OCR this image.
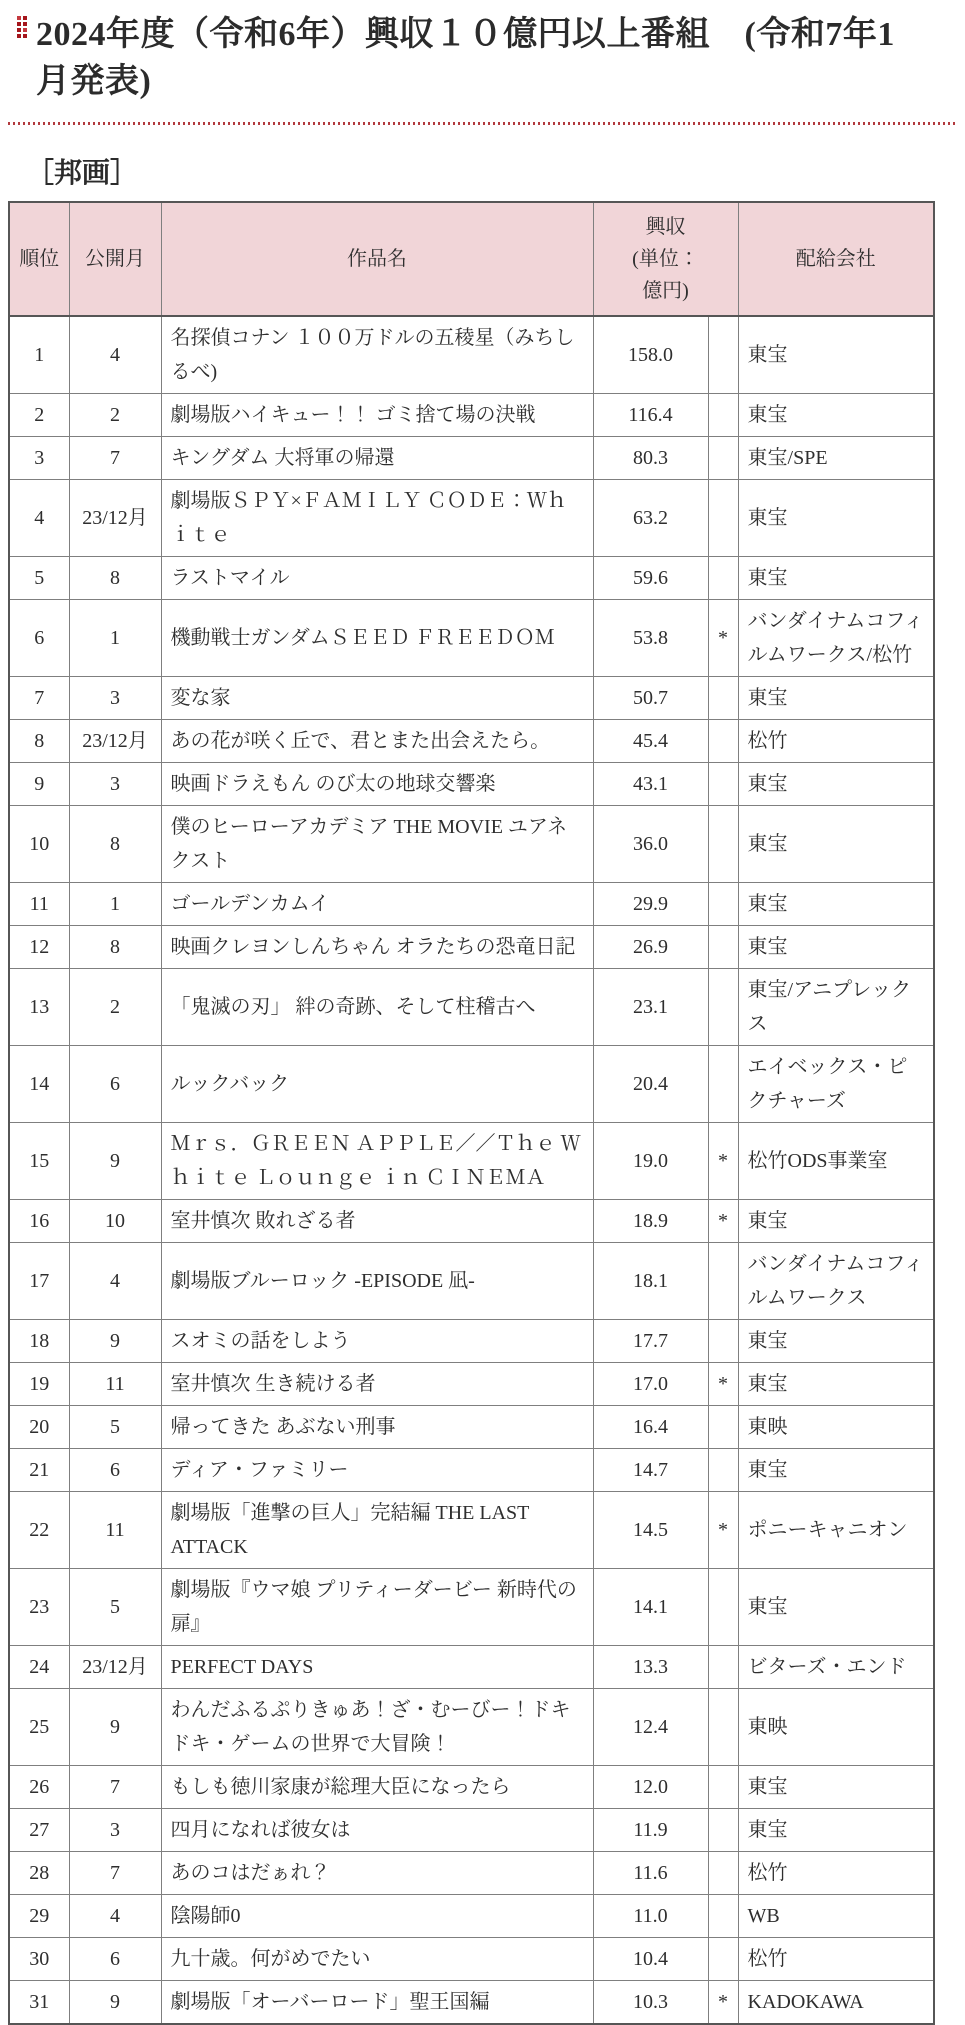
2024年度（令和6年）興収１０億円以上番組　(令和7年1月発表)
［邦画］
順位	公開月	作品名	興収
(単位：
億円)		配給会社
1	4	名探偵コナン １００万ドルの五稜星（みちしるべ)	158.0		東宝
2	2	劇場版ハイキュー！！ ゴミ捨て場の決戦	116.4		東宝
3	7	キングダム 大将軍の帰還	80.3		東宝/SPE
4	23/12月	劇場版ＳＰＹ×ＦＡＭＩＬＹ ＣＯＤＥ：Ｗｈｉｔｅ	63.2		東宝
5	8	ラストマイル	59.6		東宝
6	1	機動戦士ガンダムＳＥＥＤ ＦＲＥＥＤＯＭ	53.8	*	バンダイナムコフィルムワークス/松竹
7	3	変な家	50.7		東宝
8	23/12月	あの花が咲く丘で、君とまた出会えたら。	45.4		松竹
9	3	映画ドラえもん のび太の地球交響楽	43.1		東宝
10	8	僕のヒーローアカデミア THE MOVIE ユアネクスト	36.0		東宝
11	1	ゴールデンカムイ	29.9		東宝
12	8	映画クレヨンしんちゃん オラたちの恐竜日記	26.9		東宝
13	2	「鬼滅の刃」 絆の奇跡、そして柱稽古へ	23.1		東宝/アニプレックス
14	6	ルックバック	20.4		エイベックス・ピクチャーズ
15	9	Ｍｒｓ．ＧＲＥＥＮ ＡＰＰＬＥ／／Ｔｈｅ Ｗｈｉｔｅ Ｌｏｕｎｇｅ ｉｎ ＣＩＮＥＭＡ	19.0	*	松竹ODS事業室
16	10	室井慎次 敗れざる者	18.9	*	東宝
17	4	劇場版ブルーロック -EPISODE 凪-	18.1		バンダイナムコフィルムワークス
18	9	スオミの話をしよう	17.7		東宝
19	11	室井慎次 生き続ける者	17.0	*	東宝
20	5	帰ってきた あぶない刑事	16.4		東映
21	6	ディア・ファミリー	14.7		東宝
22	11	劇場版「進撃の巨人」完結編 THE LAST ATTACK	14.5	*	ポニーキャニオン
23	5	劇場版『ウマ娘 プリティーダービー 新時代の扉』	14.1		東宝
24	23/12月	PERFECT DAYS	13.3		ビターズ・エンド
25	9	わんだふるぷりきゅあ！ざ・むーびー！ドキドキ・ゲームの世界で大冒険！	12.4		東映
26	7	もしも徳川家康が総理大臣になったら	12.0		東宝
27	3	四月になれば彼女は	11.9		東宝
28	7	あのコはだぁれ？	11.6		松竹
29	4	陰陽師0	11.0		WB
30	6	九十歳。何がめでたい	10.4		松竹
31	9	劇場版「オーバーロード」聖王国編	10.3	*	KADOKAWA
